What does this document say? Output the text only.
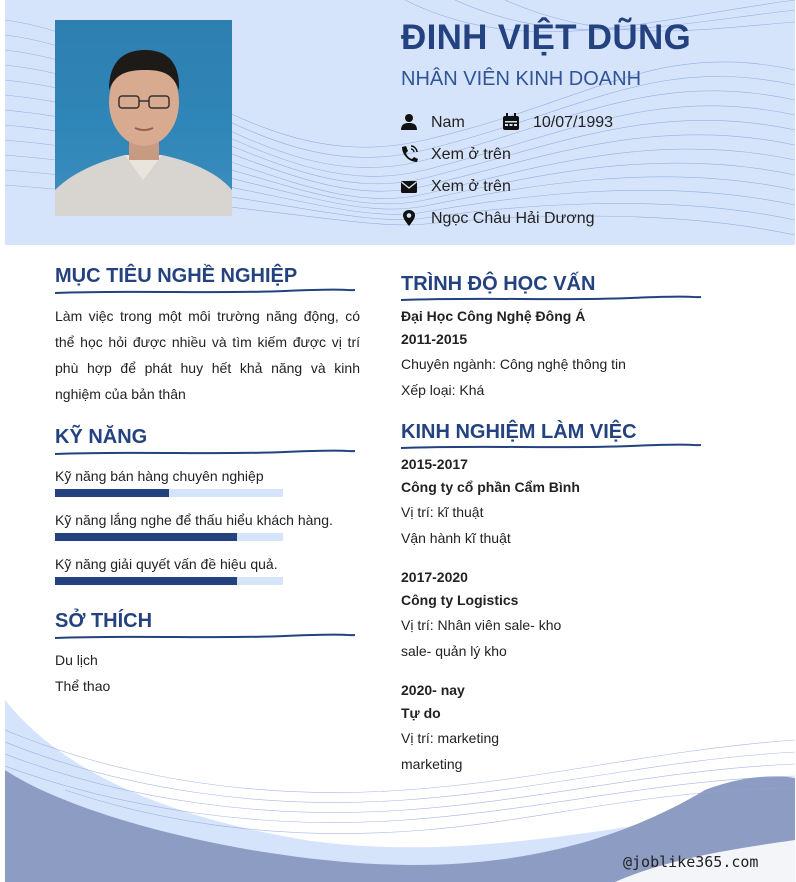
ĐINH VIỆT DŨNG
NHÂN VIÊN KINH DOANH
Nam	10/07/1993
Xem ở trên
Xem ở trên
Ngọc Châu Hải Dương
MỤC TIÊU NGHỀ NGHIỆP
Làm việc trong một môi trường năng động, có thể học hỏi được nhiều và tìm kiếm được vị trí phù hợp để phát huy hết khả năng và kinh nghiệm của bản thân
KỸ NĂNG
Kỹ năng bán hàng chuyên nghiệp
Kỹ năng lắng nghe để thấu hiểu khách hàng.
Kỹ năng giải quyết vấn đề hiệu quả.
SỞ THÍCH
Du lịch
Thể thao
TRÌNH ĐỘ HỌC VẤN
Đại Học Công Nghệ Đông Á
2011-2015
Chuyên ngành: Công nghệ thông tin
Xếp loại: Khá
KINH NGHIỆM LÀM VIỆC
2015-2017
Công ty cổ phần Cẩm Bình
Vị trí: kĩ thuật
Vận hành kĩ thuật
2017-2020
Công ty Logistics
Vị trí: Nhân viên sale- kho
sale- quản lý kho
2020- nay
Tự do
Vị trí: marketing
marketing
@joblike365.com
